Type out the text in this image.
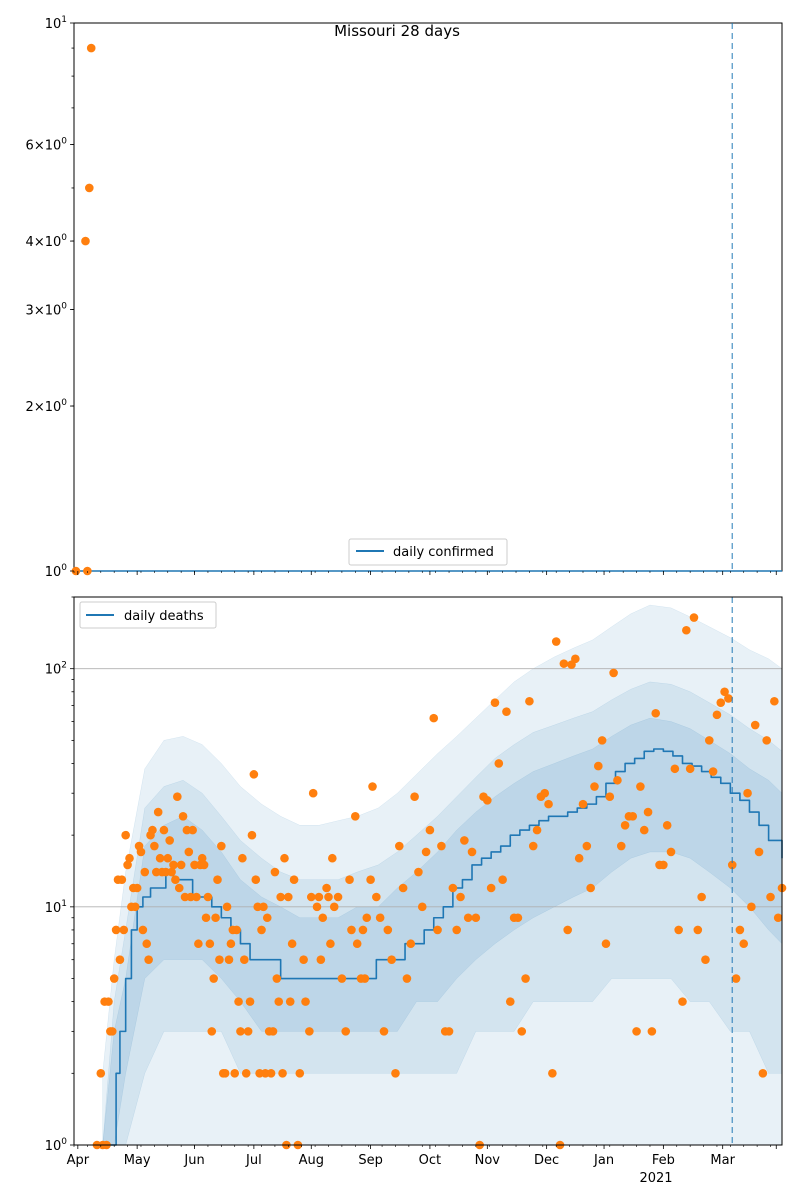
Missouri 28 days
$10^0$
$2\times 10^0$
$3\times 10^0$
$4\times 10^0$
$6\times 10^0$
$10^1$
daily confirmed
$10^0$
$10^1$
$10^2$
Apr	May	Jun	Jul	Aug	Sep	Oct	Nov	Dec	Jan	Feb	Mar
2021
daily deaths
